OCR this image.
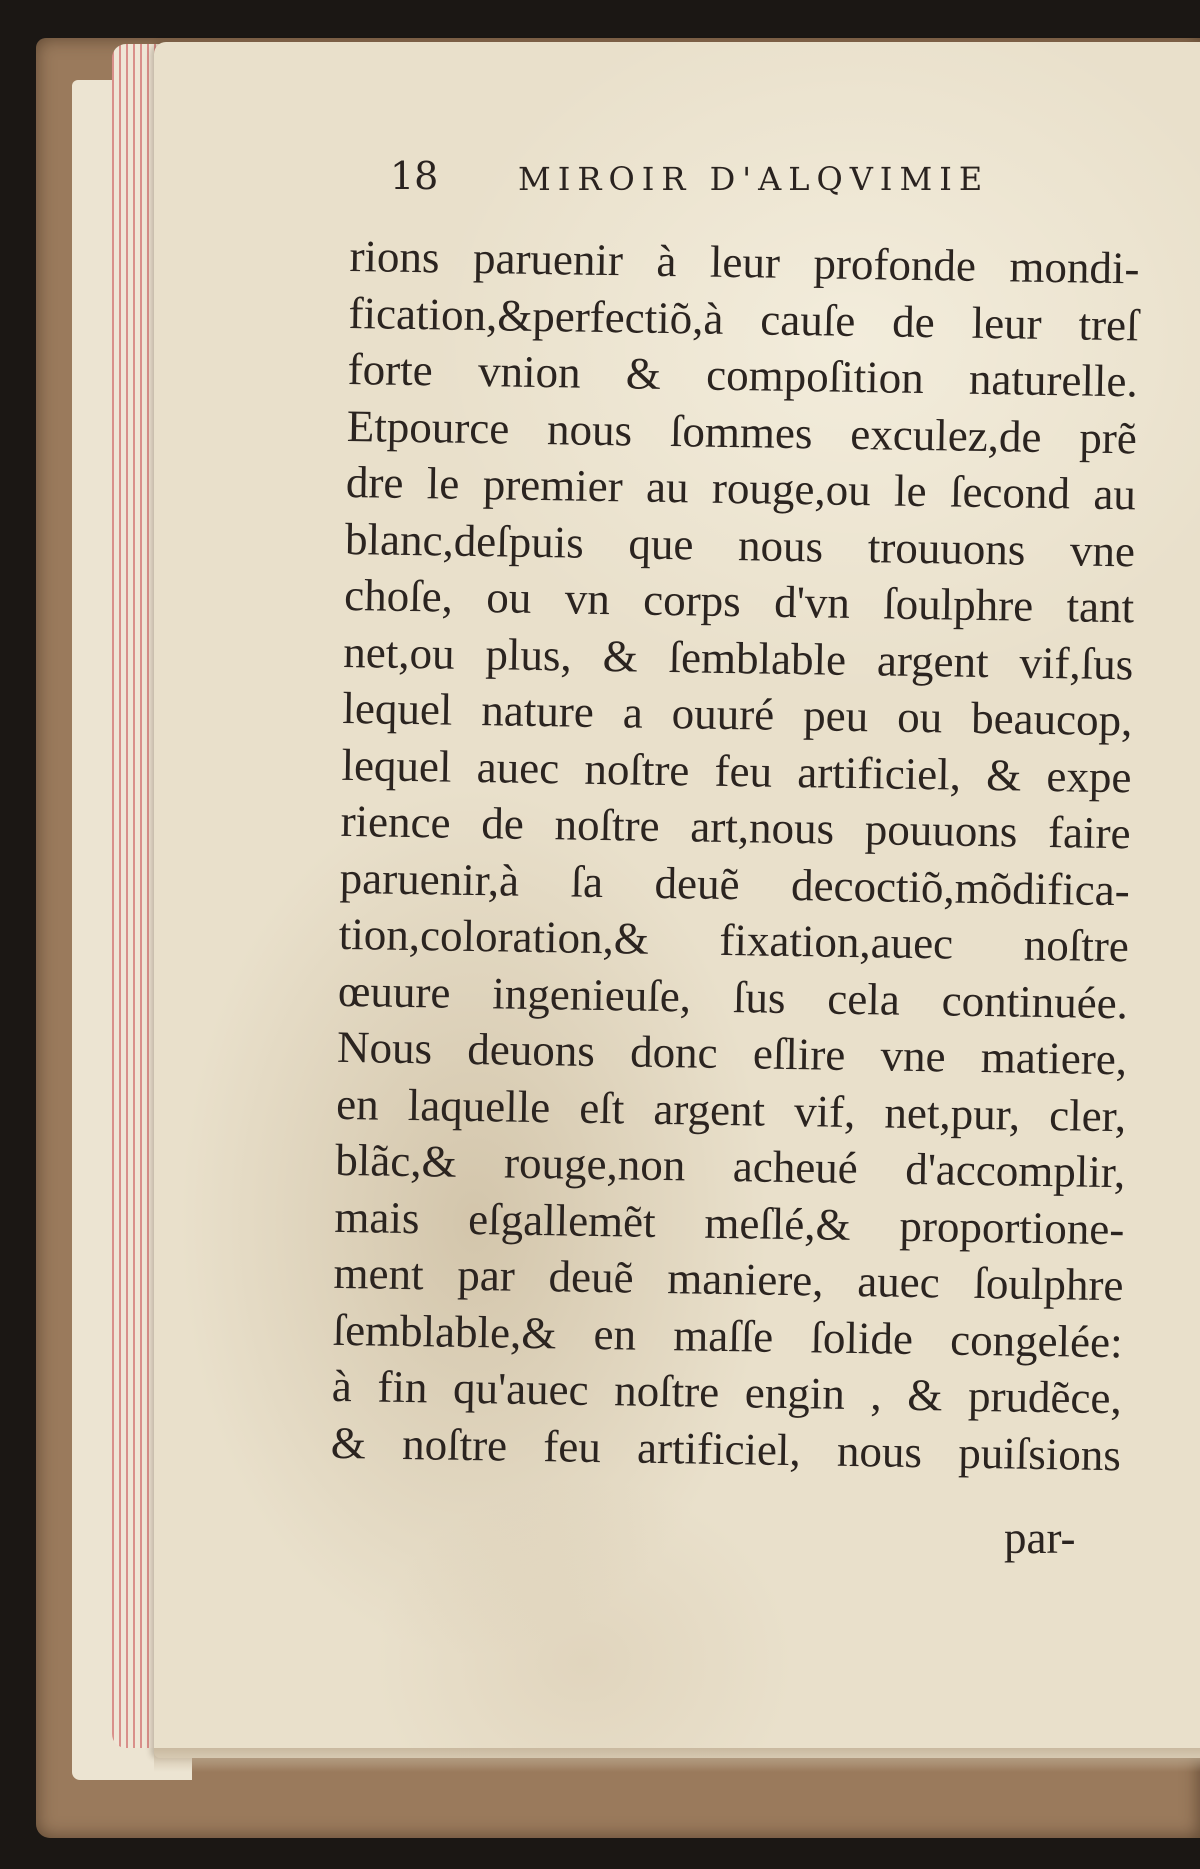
18 MIROIR D'ALQVIMIE
rions paruenir à leur profonde mondi-
fication,&perfectiõ,à cauſe de leur treſ
forte vnion & compoſition naturelle.
Etpource nous ſommes exculez,de prẽ
dre le premier au rouge,ou le ſecond au
blanc,deſpuis que nous trouuons vne
choſe, ou vn corps d'vn ſoulphre tant
net,ou plus, & ſemblable argent vif,ſus
lequel nature a ouuré peu ou beaucop,
lequel auec noſtre feu artificiel, & expe
rience de noſtre art,nous pouuons faire
paruenir,à ſa deuẽ decoctiõ,mõdifica-
tion,coloration,& fixation,auec noſtre
œuure ingenieuſe, ſus cela continuée.
Nous deuons donc eſlire vne matiere,
en laquelle eſt argent vif, net,pur, cler,
blãc,& rouge,non acheué d'accomplir,
mais eſgallemẽt meſlé,& proportione-
ment par deuẽ maniere, auec ſoulphre
ſemblable,& en maſſe ſolide congelée:
à fin qu'auec noſtre engin , & prudẽce,
& noſtre feu artificiel, nous puiſsions
par-
